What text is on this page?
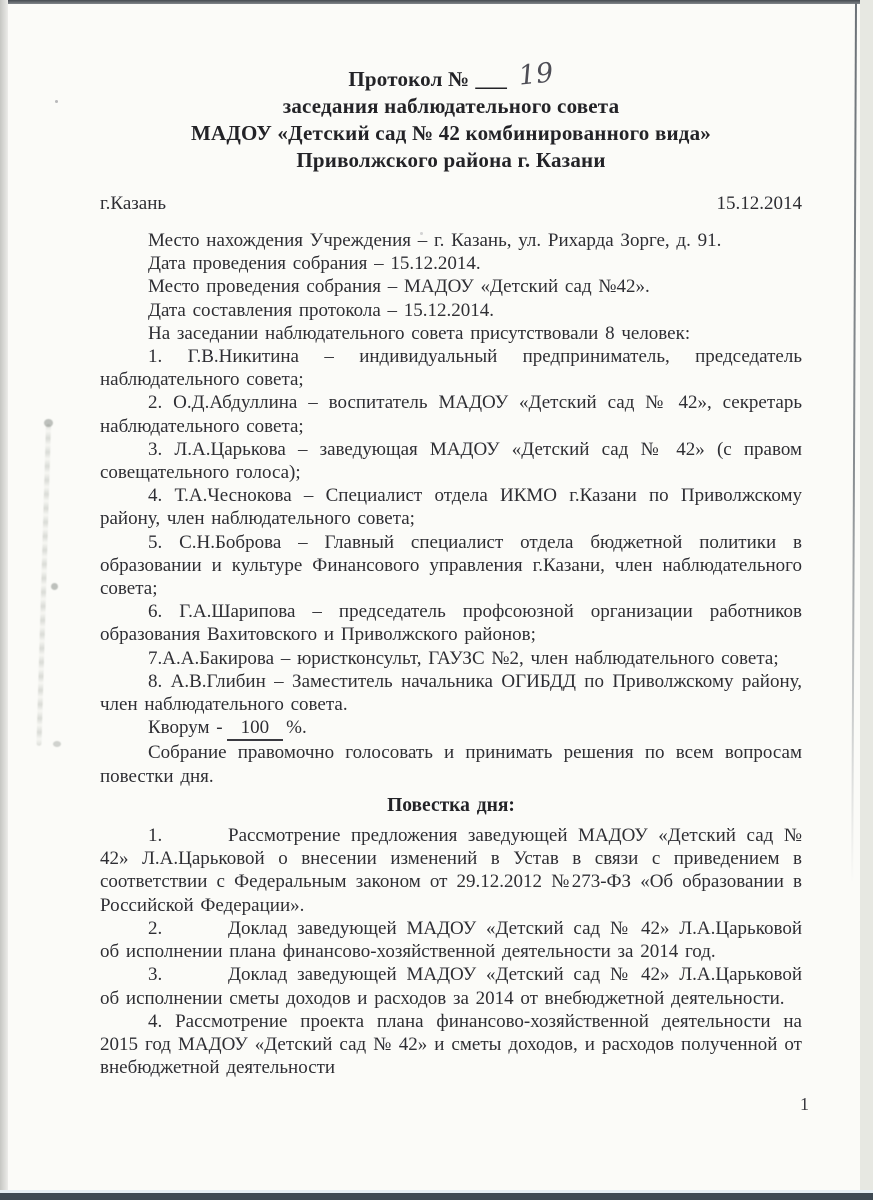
Протокол № ___ 19
заседания наблюдательного совета
МАДОУ «Детский сад № 42 комбинированного вида»
Приволжского района г. Казани
г.Казань	15.12.2014

Место нахождения Учреждения – г. Казань, ул. Рихарда Зорге, д. 91.

Дата проведения собрания – 15.12.2014.

Место проведения собрания – МАДОУ «Детский сад №42».

Дата составления протокола – 15.12.2014.

На заседании наблюдательного совета присутствовали 8 человек:

1. Г.В.Никитина – индивидуальный предприниматель, председатель наблюдательного совета;

2. О.Д.Абдуллина – воспитатель МАДОУ «Детский сад № 42», секретарь наблюдательного совета;

3. Л.А.Царькова – заведующая МАДОУ «Детский сад № 42» (с правом совещательного голоса);

4. Т.А.Чеснокова – Специалист отдела ИКМО г.Казани по Приволжскому району, член наблюдательного совета;

5. С.Н.Боброва – Главный специалист отдела бюджетной политики в образовании и культуре Финансового управления г.Казани, член наблюдательного совета;

6. Г.А.Шарипова – председатель профсоюзной организации работников образования Вахитовского и Приволжского районов;

7.А.А.Бакирова – юристконсульт, ГАУЗС №2, член наблюдательного совета;

8. А.В.Глибин – Заместитель начальника ОГИБДД по Приволжскому району, член наблюдательного совета.

Кворум - 100 %.

Собрание правомочно голосовать и принимать решения по всем вопросам повестки дня.

Повестка дня:

1.	Рассмотрение предложения заведующей МАДОУ «Детский сад № 42» Л.А.Царьковой о внесении изменений в Устав в связи с приведением в соответствии с Федеральным законом от 29.12.2012 №273-ФЗ «Об образовании в Российской Федерации».

2.	Доклад заведующей МАДОУ «Детский сад № 42» Л.А.Царьковой об исполнении плана финансово-хозяйственной деятельности за 2014 год.

3.	Доклад заведующей МАДОУ «Детский сад № 42» Л.А.Царьковой об исполнении сметы доходов и расходов за 2014 от внебюджетной деятельности.

4. Рассмотрение проекта плана финансово-хозяйственной деятельности на 2015 год МАДОУ «Детский сад № 42» и сметы доходов, и расходов полученной от внебюджетной деятельности

1
